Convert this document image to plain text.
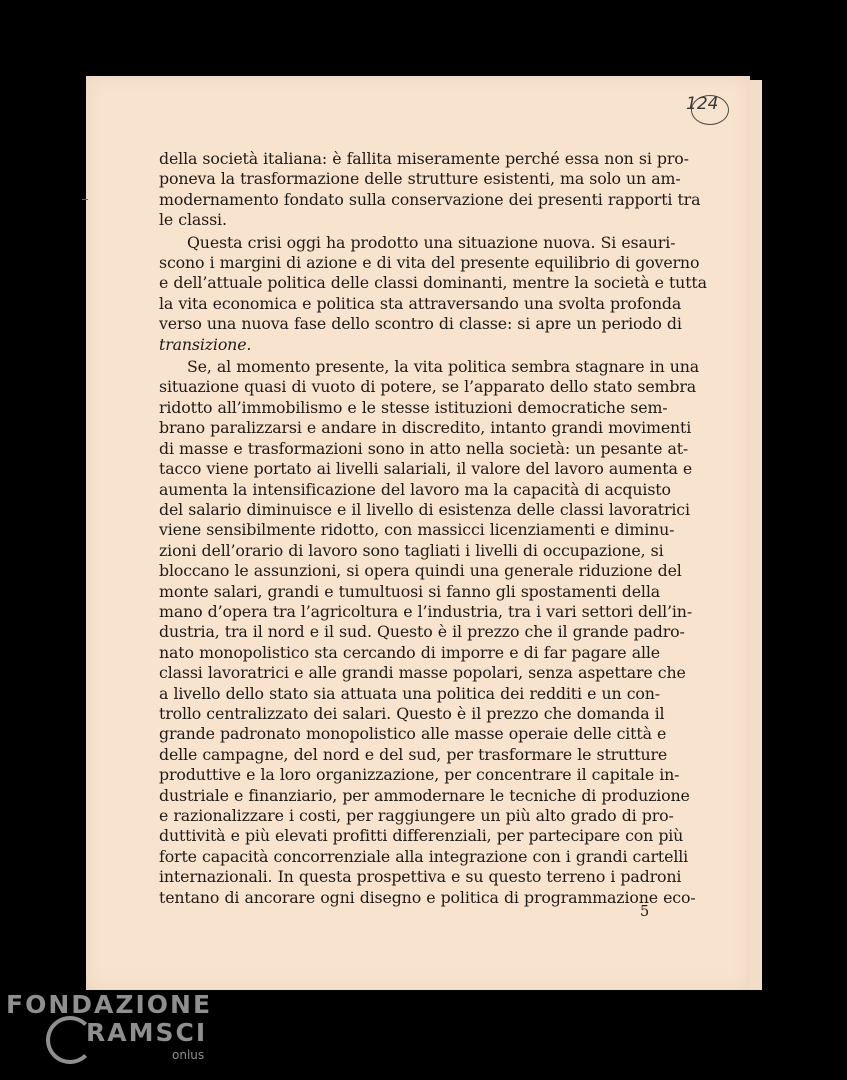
124
della società italiana: è fallita miseramente perché essa non si pro-
poneva la trasformazione delle strutture esistenti, ma solo un am-
modernamento fondato sulla conservazione dei presenti rapporti tra
le classi.
Questa crisi oggi ha prodotto una situazione nuova. Si esauri-
scono i margini di azione e di vita del presente equilibrio di governo
e dell’attuale politica delle classi dominanti, mentre la società e tutta
la vita economica e politica sta attraversando una svolta profonda
verso una nuova fase dello scontro di classe: si apre un periodo di
transizione.
Se, al momento presente, la vita politica sembra stagnare in una
situazione quasi di vuoto di potere, se l’apparato dello stato sembra
ridotto all’immobilismo e le stesse istituzioni democratiche sem-
brano paralizzarsi e andare in discredito, intanto grandi movimenti
di masse e trasformazioni sono in atto nella società: un pesante at-
tacco viene portato ai livelli salariali, il valore del lavoro aumenta e
aumenta la intensificazione del lavoro ma la capacità di acquisto
del salario diminuisce e il livello di esistenza delle classi lavoratrici
viene sensibilmente ridotto, con massicci licenziamenti e diminu-
zioni dell’orario di lavoro sono tagliati i livelli di occupazione, si
bloccano le assunzioni, si opera quindi una generale riduzione del
monte salari, grandi e tumultuosi si fanno gli spostamenti della
mano d’opera tra l’agricoltura e l’industria, tra i vari settori dell’in-
dustria, tra il nord e il sud. Questo è il prezzo che il grande padro-
nato monopolistico sta cercando di imporre e di far pagare alle
classi lavoratrici e alle grandi masse popolari, senza aspettare che
a livello dello stato sia attuata una politica dei redditi e un con-
trollo centralizzato dei salari. Questo è il prezzo che domanda il
grande padronato monopolistico alle masse operaie delle città e
delle campagne, del nord e del sud, per trasformare le strutture
produttive e la loro organizzazione, per concentrare il capitale in-
dustriale e finanziario, per ammodernare le tecniche di produzione
e razionalizzare i costi, per raggiungere un più alto grado di pro-
duttività e più elevati profitti differenziali, per partecipare con più
forte capacità concorrenziale alla integrazione con i grandi cartelli
internazionali. In questa prospettiva e su questo terreno i padroni
tentano di ancorare ogni disegno e politica di programmazione eco-
5
FONDAZIONE
RAMSCI
onlus
